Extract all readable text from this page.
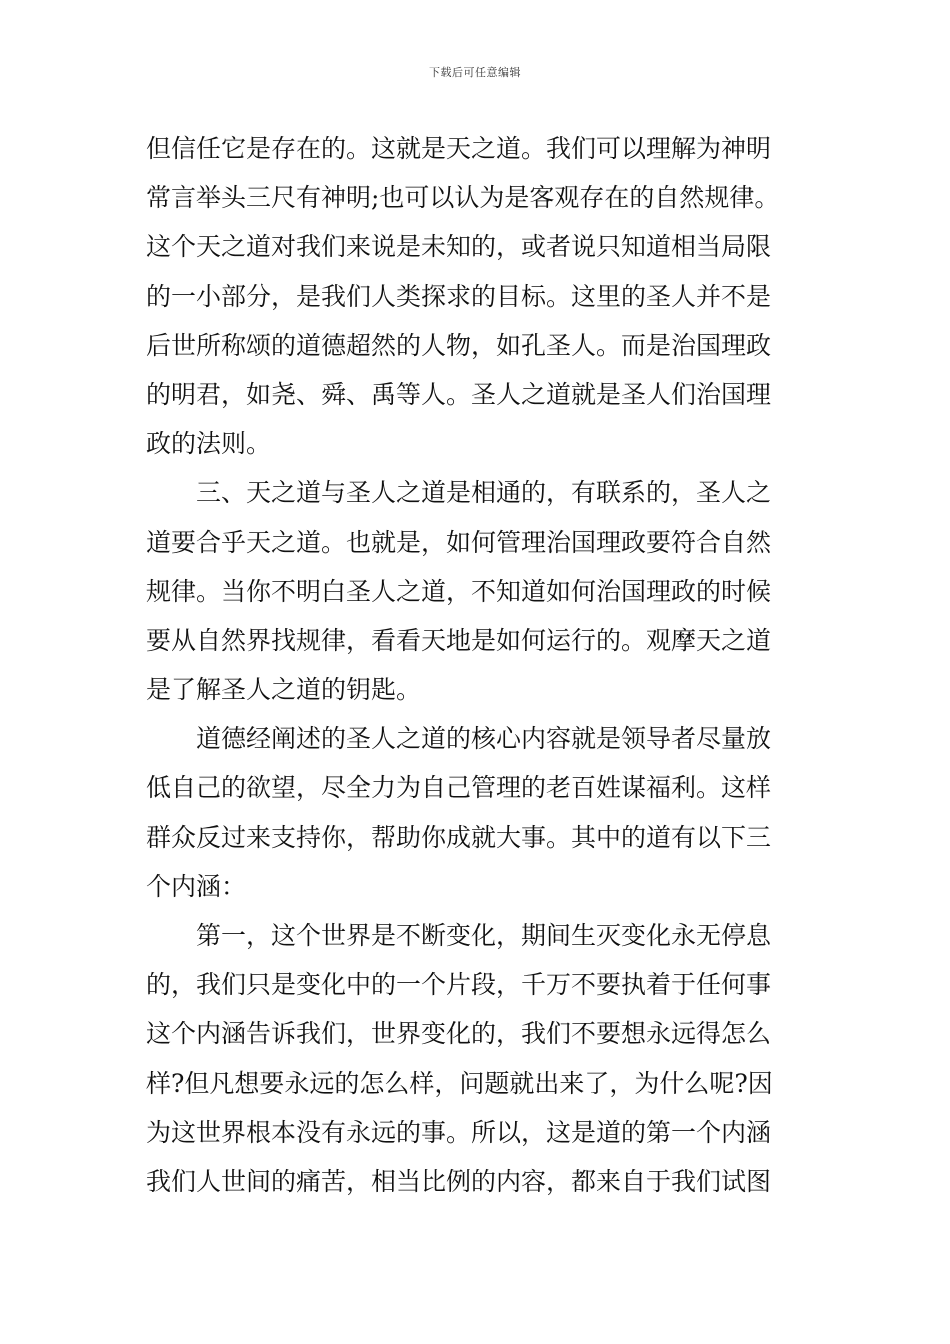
下载后可任意编辑
但信任它是存在的。这就是天之道。我们可以理解为神明
常言举头三尺有神明;也可以认为是客观存在的自然规律。
这个天之道对我们来说是未知的，或者说只知道相当局限
的一小部分，是我们人类探求的目标。这里的圣人并不是
后世所称颂的道德超然的人物，如孔圣人。而是治国理政
的明君，如尧、舜、禹等人。圣人之道就是圣人们治国理
政的法则。
三、天之道与圣人之道是相通的，有联系的，圣人之
道要合乎天之道。也就是，如何管理治国理政要符合自然
规律。当你不明白圣人之道，不知道如何治国理政的时候
要从自然界找规律，看看天地是如何运行的。观摩天之道
是了解圣人之道的钥匙。
道德经阐述的圣人之道的核心内容就是领导者尽量放
低自己的欲望，尽全力为自己管理的老百姓谋福利。这样
群众反过来支持你，帮助你成就大事。其中的道有以下三
个内涵：
第一，这个世界是不断变化，期间生灭变化永无停息
的，我们只是变化中的一个片段，千万不要执着于任何事
这个内涵告诉我们，世界变化的，我们不要想永远得怎么
样?但凡想要永远的怎么样，问题就出来了，为什么呢?因
为这世界根本没有永远的事。所以，这是道的第一个内涵
我们人世间的痛苦，相当比例的内容，都来自于我们试图
